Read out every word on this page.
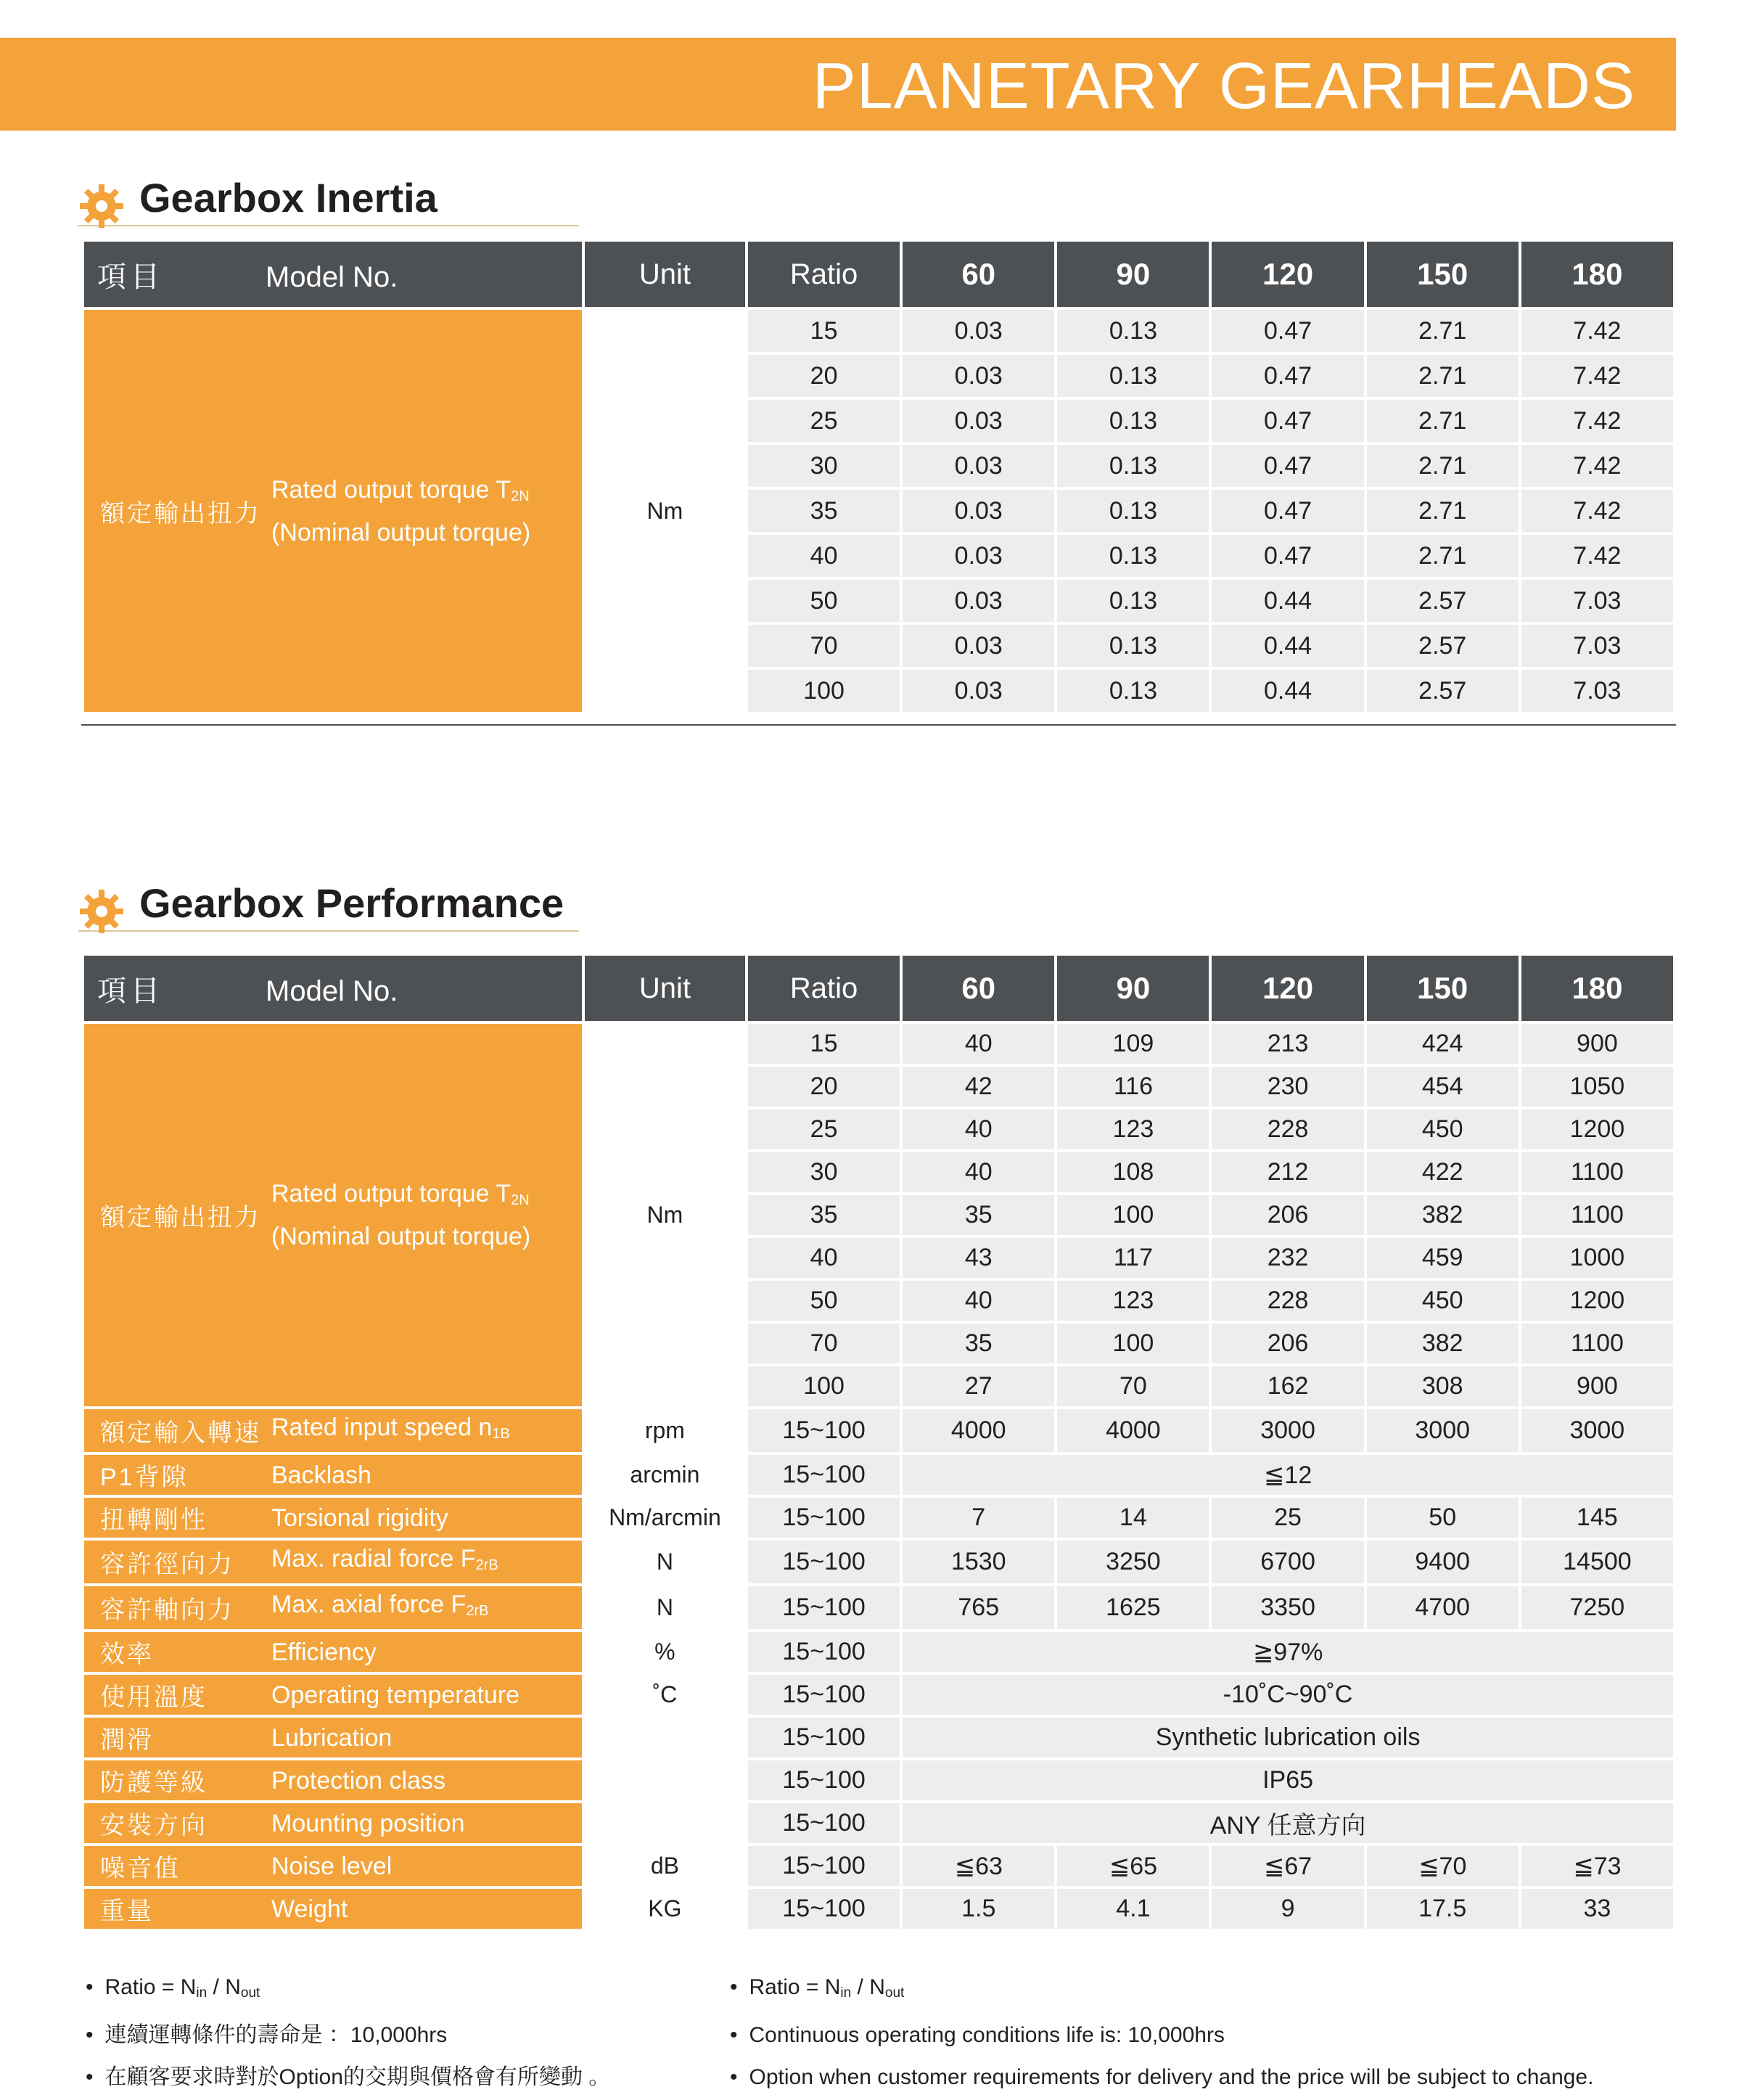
PLANETARY GEARHEADS
Gearbox Inertia
項目 Model No.	Unit	Ratio	60	90	120	150	180
額定輸出扭力Rated output torque $T_{2N}$
(Nominal output torque)	Nm	15	0.03	0.13	0.47	2.71	7.42
		20	0.03	0.13	0.47	2.71	7.42
		25	0.03	0.13	0.47	2.71	7.42
		30	0.03	0.13	0.47	2.71	7.42
		35	0.03	0.13	0.47	2.71	7.42
		40	0.03	0.13	0.47	2.71	7.42
		50	0.03	0.13	0.44	2.57	7.03
		70	0.03	0.13	0.44	2.57	7.03
		100	0.03	0.13	0.44	2.57	7.03
Gearbox Performance
項目 Model No.	Unit	Ratio	60	90	120	150	180
額定輸出扭力Rated output torque $T_{2N}$
(Nominal output torque)	Nm	15	40	109	213	424	900
		20	42	116	230	454	1050
		25	40	123	228	450	1200
		30	40	108	212	422	1100
		35	35	100	206	382	1100
		40	43	117	232	459	1000
		50	40	123	228	450	1200
		70	35	100	206	382	1100
		100	27	70	162	308	900
額定輸入轉速 Rated input speed $n_{1B}$	rpm	15~100	4000	4000	3000	3000	3000
P1背隙 Backlash	arcmin	15~100	≦12				
扭轉剛性 Torsional rigidity	Nm/arcmin	15~100	7	14	25	50	145
容許徑向力 Max. radial force $F_{2rB}$	N	15~100	1530	3250	6700	9400	14500
容許軸向力 Max. axial force $F_{2rB}$	N	15~100	765	1625	3350	4700	7250
效率 Efficiency	%	15~100	≧97%				
使用溫度 Operating temperature	˚C	15~100	-10˚C~90˚C				
潤滑 Lubrication		15~100	Synthetic lubrication oils				
防護等級 Protection class		15~100	IP65				
安裝方向 Mounting position		15~100	ANY 任意方向				
噪音值 Noise level	dB	15~100	≦63	≦65	≦67	≦70	≦73
重量 Weight	KG	15~100	1.5	4.1	9	17.5	33
• Ratio = $N_{in} / N_{out}$
• 連續運轉條件的壽命是 ：10,000hrs
• 在顧客要求時對於Option的交期與價格會有所變動 。
• Ratio = $N_{in} / N_{out}$
• Continuous operating conditions life is: 10,000hrs
• Option when customer requirements for delivery and the price will be subject to change.
